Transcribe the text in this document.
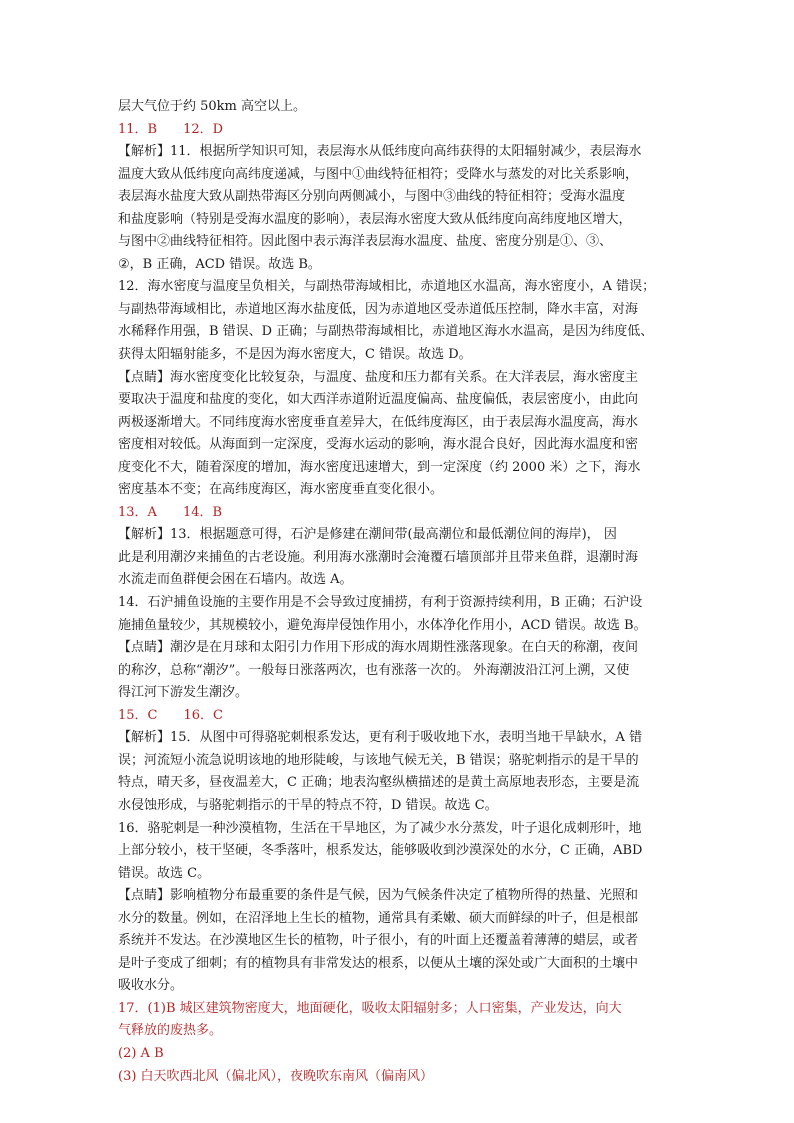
层大气位于约 50km 高空以上。
11．B 12．D
【解析】11．根据所学知识可知，表层海水从低纬度向高纬获得的太阳辐射减少，表层海水
温度大致从低纬度向高纬度递减，与图中①曲线特征相符；受降水与蒸发的对比关系影响，
表层海水盐度大致从副热带海区分别向两侧减小，与图中③曲线的特征相符；受海水温度
和盐度影响（特别是受海水温度的影响），表层海水密度大致从低纬度向高纬度地区增大，
与图中②曲线特征相符。因此图中表示海洋表层海水温度、盐度、密度分别是①、③、
②，B 正确，ACD 错误。故选 B。
12．海水密度与温度呈负相关，与副热带海域相比，赤道地区水温高，海水密度小，A 错误；
与副热带海域相比，赤道地区海水盐度低，因为赤道地区受赤道低压控制，降水丰富，对海
水稀释作用强，B 错误、D 正确；与副热带海域相比，赤道地区海水水温高，是因为纬度低、
获得太阳辐射能多，不是因为海水密度大，C 错误。故选 D。
【点睛】海水密度变化比较复杂，与温度、盐度和压力都有关系。在大洋表层，海水密度主
要取决于温度和盐度的变化，如大西洋赤道附近温度偏高、盐度偏低，表层密度小，由此向
两极逐渐增大。不同纬度海水密度垂直差异大，在低纬度海区，由于表层海水温度高，海水
密度相对较低。从海面到一定深度，受海水运动的影响，海水混合良好，因此海水温度和密
度变化不大，随着深度的增加，海水密度迅速增大，到一定深度（约 2000 米）之下，海水
密度基本不变；在高纬度海区，海水密度垂直变化很小。
13．A 14．B
【解析】13．根据题意可得，石沪是修建在潮间带(最高潮位和最低潮位间的海岸)， 因
此是利用潮汐来捕鱼的古老设施。利用海水涨潮时会淹覆石墙顶部并且带来鱼群，退潮时海
水流走而鱼群便会困在石墙内。故选 A。
14．石沪捕鱼设施的主要作用是不会导致过度捕捞，有利于资源持续利用，B 正确；石沪设
施捕鱼量较少，其规模较小，避免海岸侵蚀作用小，水体净化作用小，ACD 错误。故选 B。
【点睛】潮汐是在月球和太阳引力作用下形成的海水周期性涨落现象。在白天的称潮，夜间
的称汐，总称“潮汐”。一般每日涨落两次，也有涨落一次的。 外海潮波沿江河上溯，又使
得江河下游发生潮汐。
15．C 16．C
【解析】15．从图中可得骆驼刺根系发达，更有利于吸收地下水，表明当地干旱缺水，A 错
误；河流短小流急说明该地的地形陡峻，与该地气候无关，B 错误；骆驼刺指示的是干旱的
特点，晴天多，昼夜温差大，C 正确；地表沟壑纵横描述的是黄土高原地表形态，主要是流
水侵蚀形成，与骆驼刺指示的干旱的特点不符，D 错误。故选 C。
16．骆驼刺是一种沙漠植物，生活在干旱地区，为了减少水分蒸发，叶子退化成刺形叶，地
上部分较小，枝干坚硬，冬季落叶，根系发达，能够吸收到沙漠深处的水分，C 正确，ABD
错误。故选 C。
【点睛】影响植物分布最重要的条件是气候，因为气候条件决定了植物所得的热量、光照和
水分的数量。例如，在沼泽地上生长的植物，通常具有柔嫩、硕大而鲜绿的叶子，但是根部
系统并不发达。在沙漠地区生长的植物，叶子很小，有的叶面上还覆盖着薄薄的蜡层，或者
是叶子变成了细刺；有的植物具有非常发达的根系，以便从土壤的深处或广大面积的土壤中
吸收水分。
17．(1)B 城区建筑物密度大，地面硬化，吸收太阳辐射多；人口密集，产业发达，向大
气释放的废热多。
(2) A B
(3) 白天吹西北风（偏北风），夜晚吹东南风（偏南风）
